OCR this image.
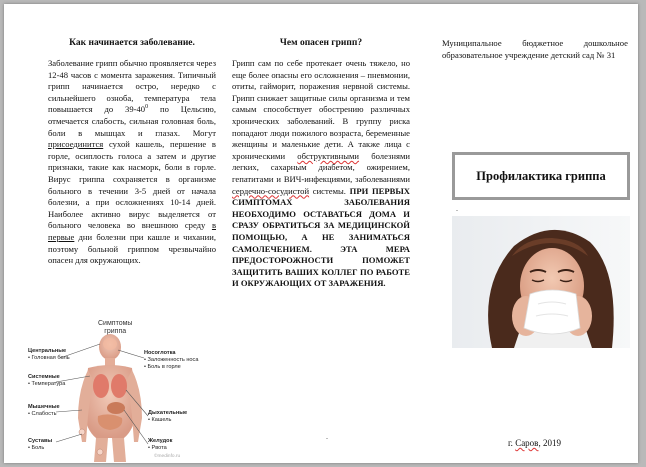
Как начинается заболевание.

Заболевание грипп обычно проявляется через 12-48 часов с момента заражения. Типичный грипп начинается остро, нередко с сильнейшего озноба, температура тела повышается до $39-40^0$ по Цельсию, отмечается слабость, сильная головная боль, боли в мышцах и глазах. Могут присоединится сухой кашель, першение в горле, осиплость голоса а затем и другие признаки, такие как насморк, боли в горле. Вирус гриппа сохраняется в организме больного в течении 3-5 дней от начала болезни, а при осложнениях 10-14 дней. Наиболее активно вирус выделяется от больного человека во внешнюю среду в первые дни болезни при кашле и чихании, поэтому больной гриппом чрезвычайно опасен для окружающих.

Симптомы
гриппа
Центральные
• Головная боль
Системные
• Температура
Мышечные
• Слабость
Суставы
• Боль
Носоглотка
• Заложенность носа
• Боль в горле
Дыхательные
• Кашель
Желудок
• Рвота
©medinfo.ru
Чем опасен грипп?

Грипп сам по себе протекает очень тяжело, но еще более опасны его осложнения – пневмонии, отиты, гайморит, поражения нервной системы. Грипп снижает защитные силы организма и тем самым способствует обострению различных хронических заболеваний. В группу риска попадают люди пожилого возраста, беременные женщины и маленькие дети. А также лица с хроническими обструктивными болезнями легких, сахарным диабетом, ожирением, гепатитами и ВИЧ-инфекциями, заболеваниями сердечно-сосудистой системы. ПРИ ПЕРВЫХ СИМПТОМАХ ЗАБОЛЕВАНИЯ НЕОБХОДИМО ОСТАВАТЬСЯ ДОМА И СРАЗУ ОБРАТИТЬСЯ ЗА МЕДИЦИНСКОЙ ПОМОЩЬЮ, А НЕ ЗАНИМАТЬСЯ САМОЛЕЧЕНИЕМ. ЭТА МЕРА ПРЕДОСТОРОЖНОСТИ ПОМОЖЕТ ЗАЩИТИТЬ ВАШИХ КОЛЛЕГ ПО РАБОТЕ И ОКРУЖАЮЩИХ ОТ ЗАРАЖЕНИЯ.

Муниципальное бюджетное дошкольное образовательное учреждение детский сад № 31

Профилактика гриппа
.
.
г. Саров, 2019
